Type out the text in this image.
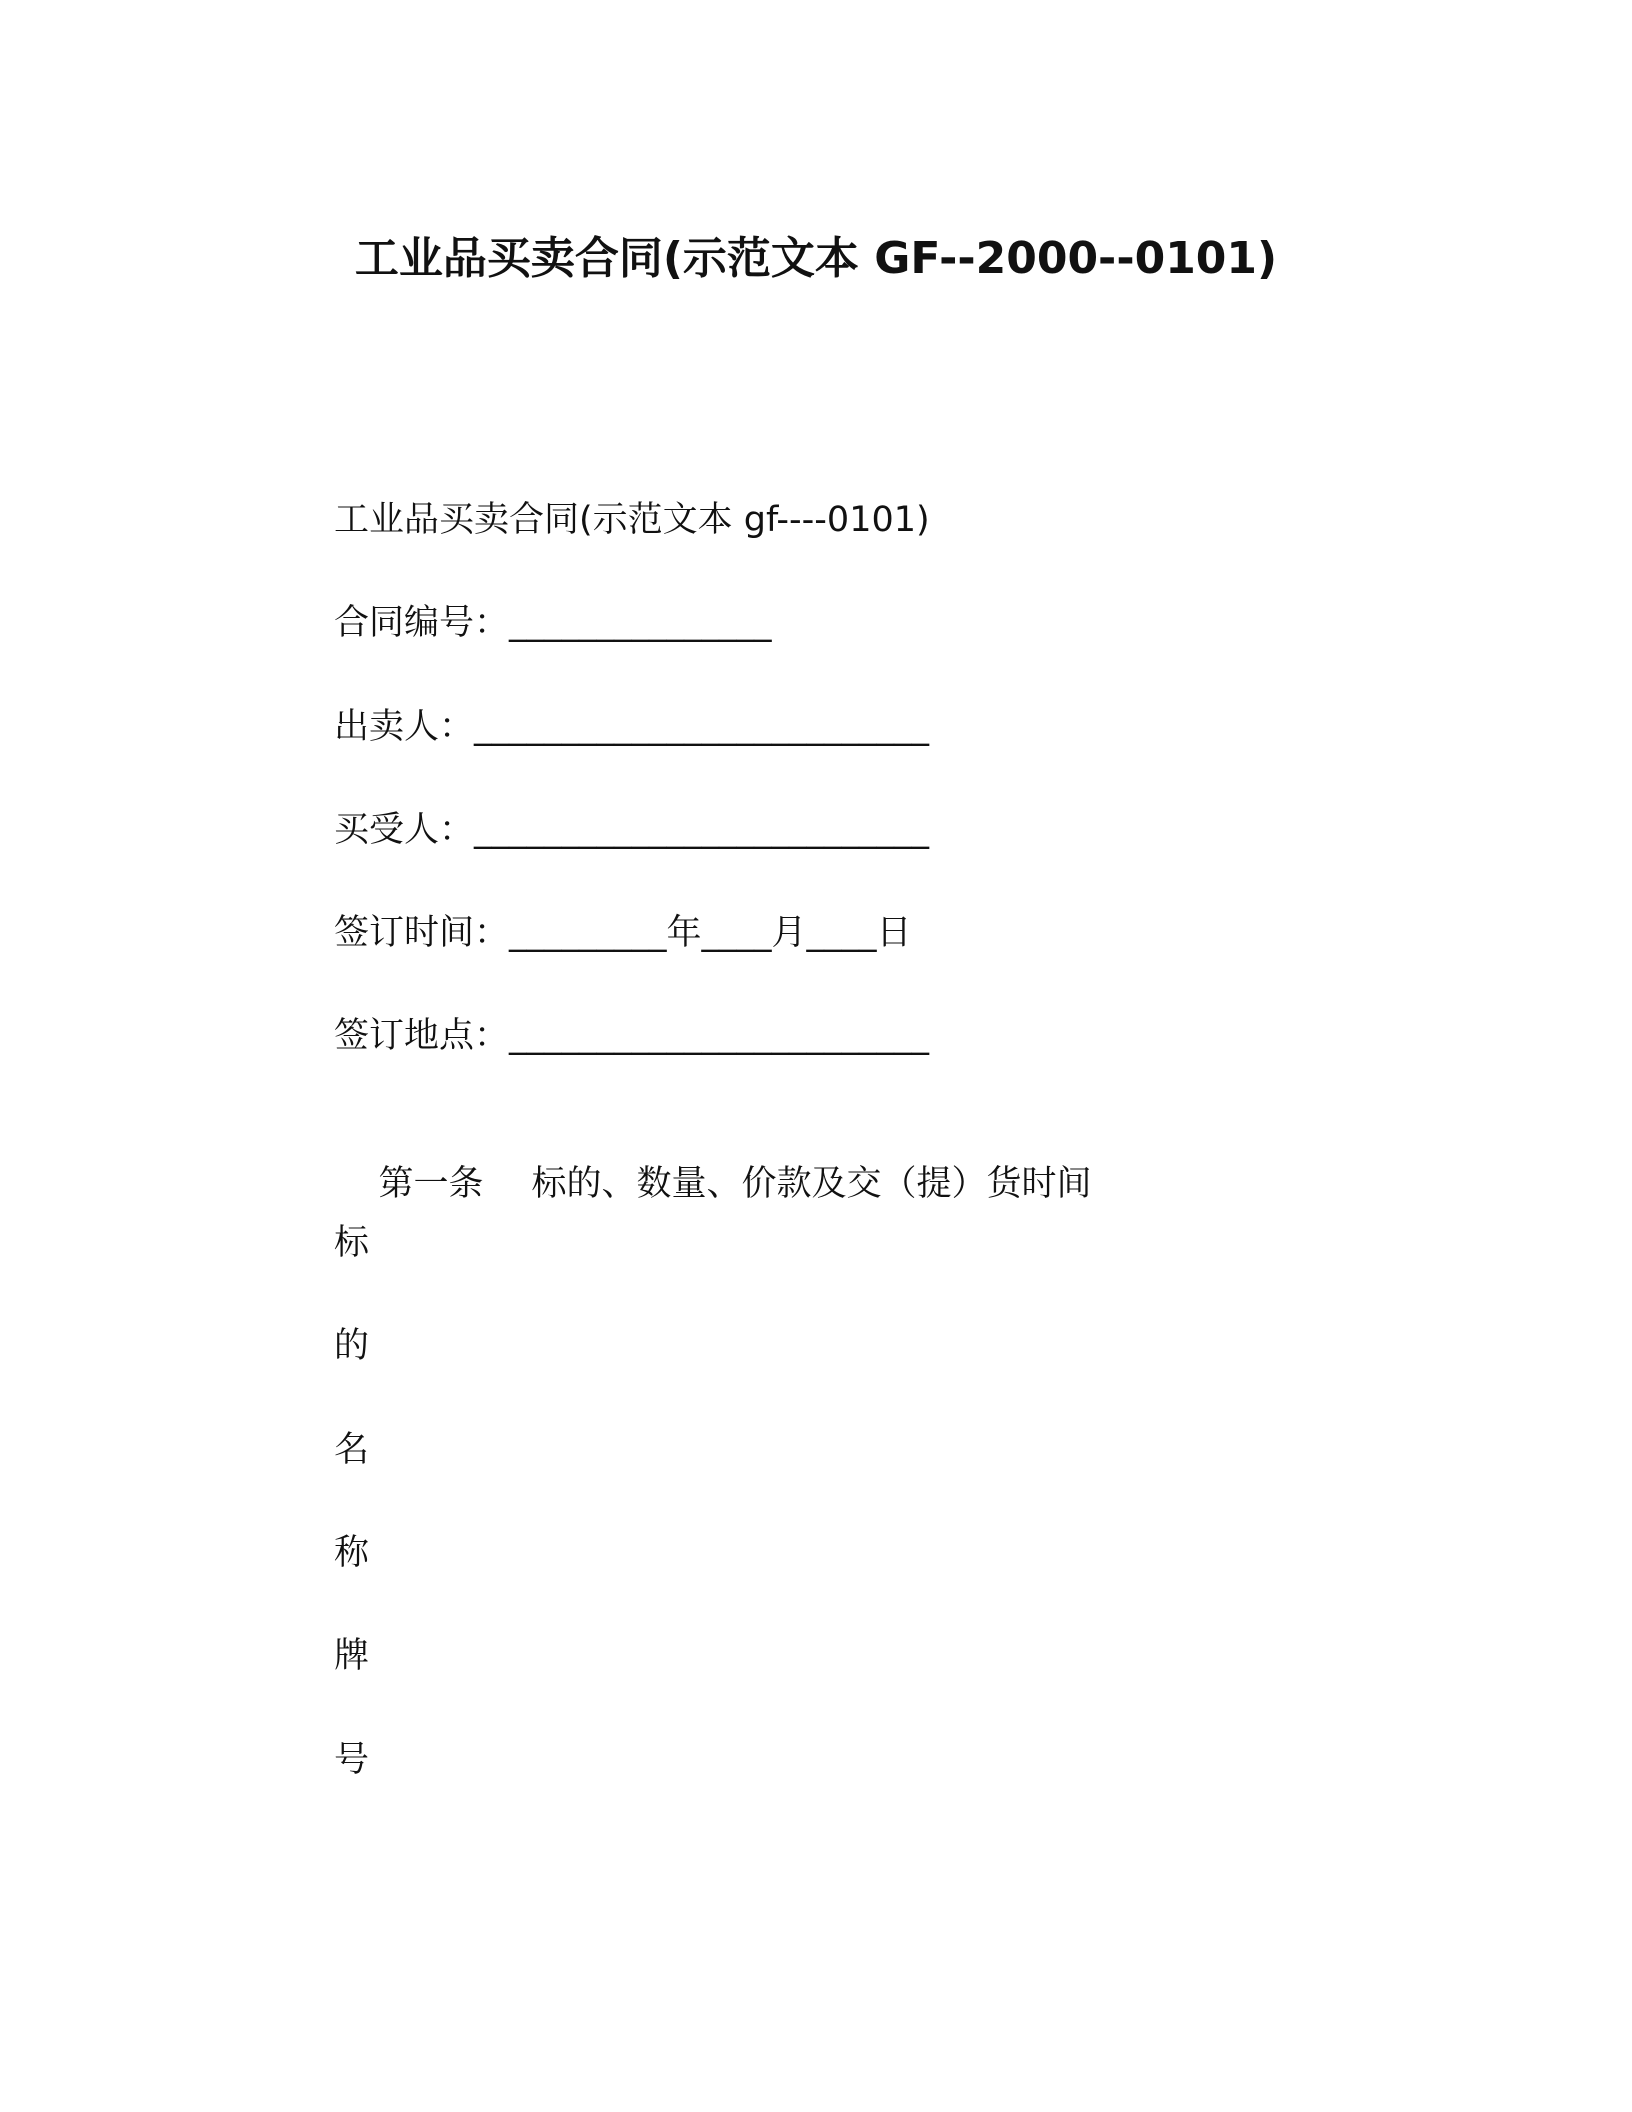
工业品买卖合同(示范文本 GF--2000--0101)
工业品买卖合同(示范文本 gf----0101)
合同编号：_______________
出卖人：__________________________
买受人：__________________________
签订时间：_________年____月____日
签订地点：________________________

第一条 标的、数量、价款及交（提）货时间

标
的
名
称
牌
号
